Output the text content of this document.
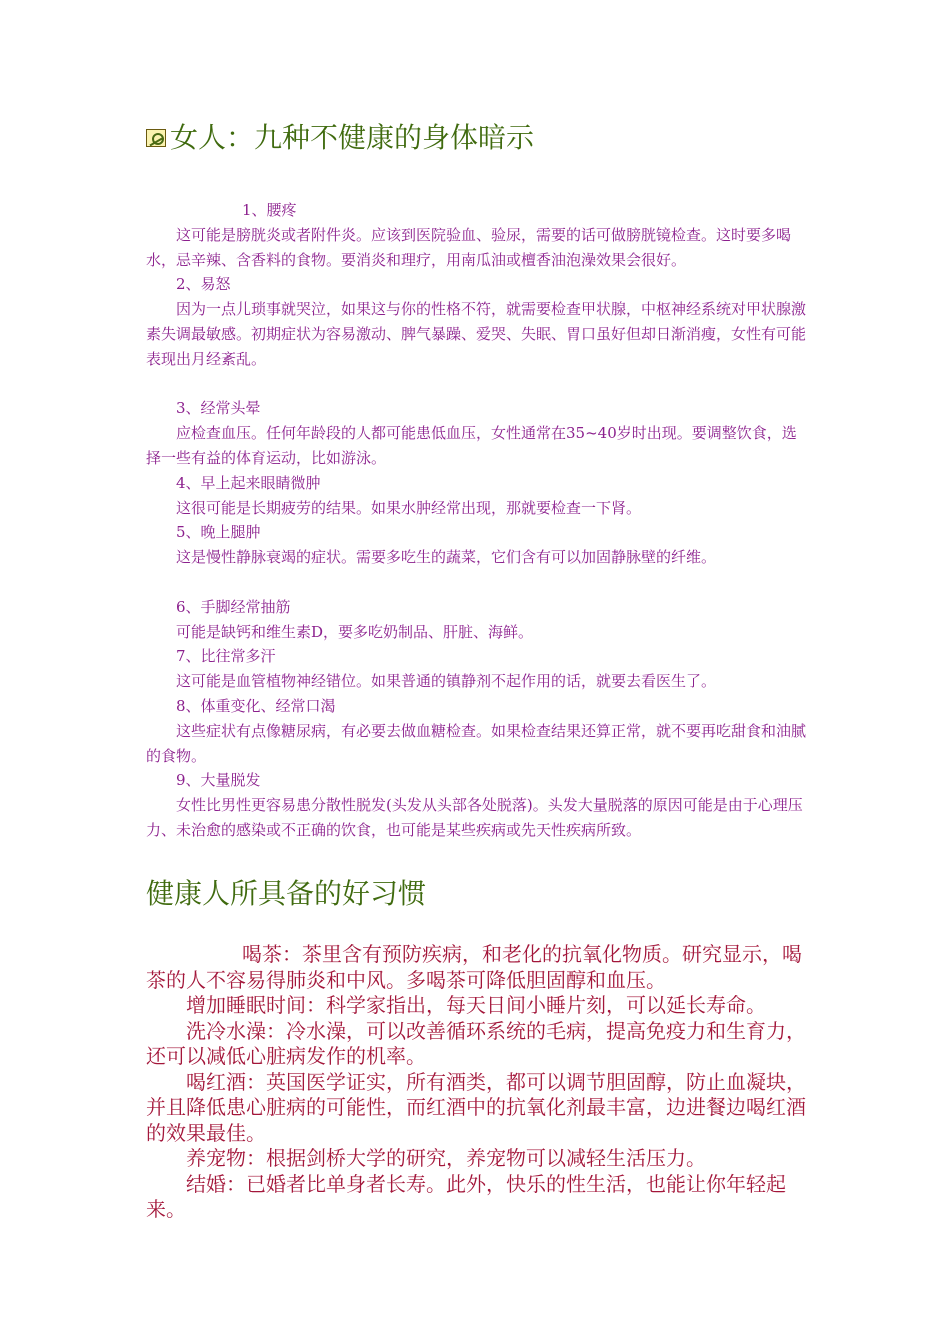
女人：九种不健康的身体暗示

1、腰疼

这可能是膀胱炎或者附件炎。应该到医院验血、验尿，需要的话可做膀胱镜检查。这时要多喝水，忌辛辣、含香料的食物。要消炎和理疗，用南瓜油或檀香油泡澡效果会很好。

2、易怒

因为一点儿琐事就哭泣，如果这与你的性格不符，就需要检查甲状腺，中枢神经系统对甲状腺激素失调最敏感。初期症状为容易激动、脾气暴躁、爱哭、失眠、胃口虽好但却日渐消瘦，女性有可能表现出月经紊乱。

3、经常头晕

应检查血压。任何年龄段的人都可能患低血压，女性通常在35~40岁时出现。要调整饮食，选择一些有益的体育运动，比如游泳。

4、早上起来眼睛微肿

这很可能是长期疲劳的结果。如果水肿经常出现，那就要检查一下肾。

5、晚上腿肿

这是慢性静脉衰竭的症状。需要多吃生的蔬菜，它们含有可以加固静脉壁的纤维。

6、手脚经常抽筋

可能是缺钙和维生素D，要多吃奶制品、肝脏、海鲜。

7、比往常多汗

这可能是血管植物神经错位。如果普通的镇静剂不起作用的话，就要去看医生了。

8、体重变化、经常口渴

这些症状有点像糖尿病，有必要去做血糖检查。如果检查结果还算正常，就不要再吃甜食和油腻的食物。

9、大量脱发

女性比男性更容易患分散性脱发(头发从头部各处脱落)。头发大量脱落的原因可能是由于心理压力、未治愈的感染或不正确的饮食，也可能是某些疾病或先天性疾病所致。

健康人所具备的好习惯

喝茶：茶里含有预防疾病，和老化的抗氧化物质。研究显示，喝茶的人不容易得肺炎和中风。多喝茶可降低胆固醇和血压。

增加睡眠时间：科学家指出，每天日间小睡片刻，可以延长寿命。

洗冷水澡：冷水澡，可以改善循环系统的毛病，提高免疫力和生育力，还可以减低心脏病发作的机率。

喝红酒：英国医学证实，所有酒类，都可以调节胆固醇，防止血凝块，并且降低患心脏病的可能性，而红酒中的抗氧化剂最丰富，边进餐边喝红酒的效果最佳。

养宠物：根据剑桥大学的研究，养宠物可以减轻生活压力。

结婚：已婚者比单身者长寿。此外，快乐的性生活，也能让你年轻起来。
